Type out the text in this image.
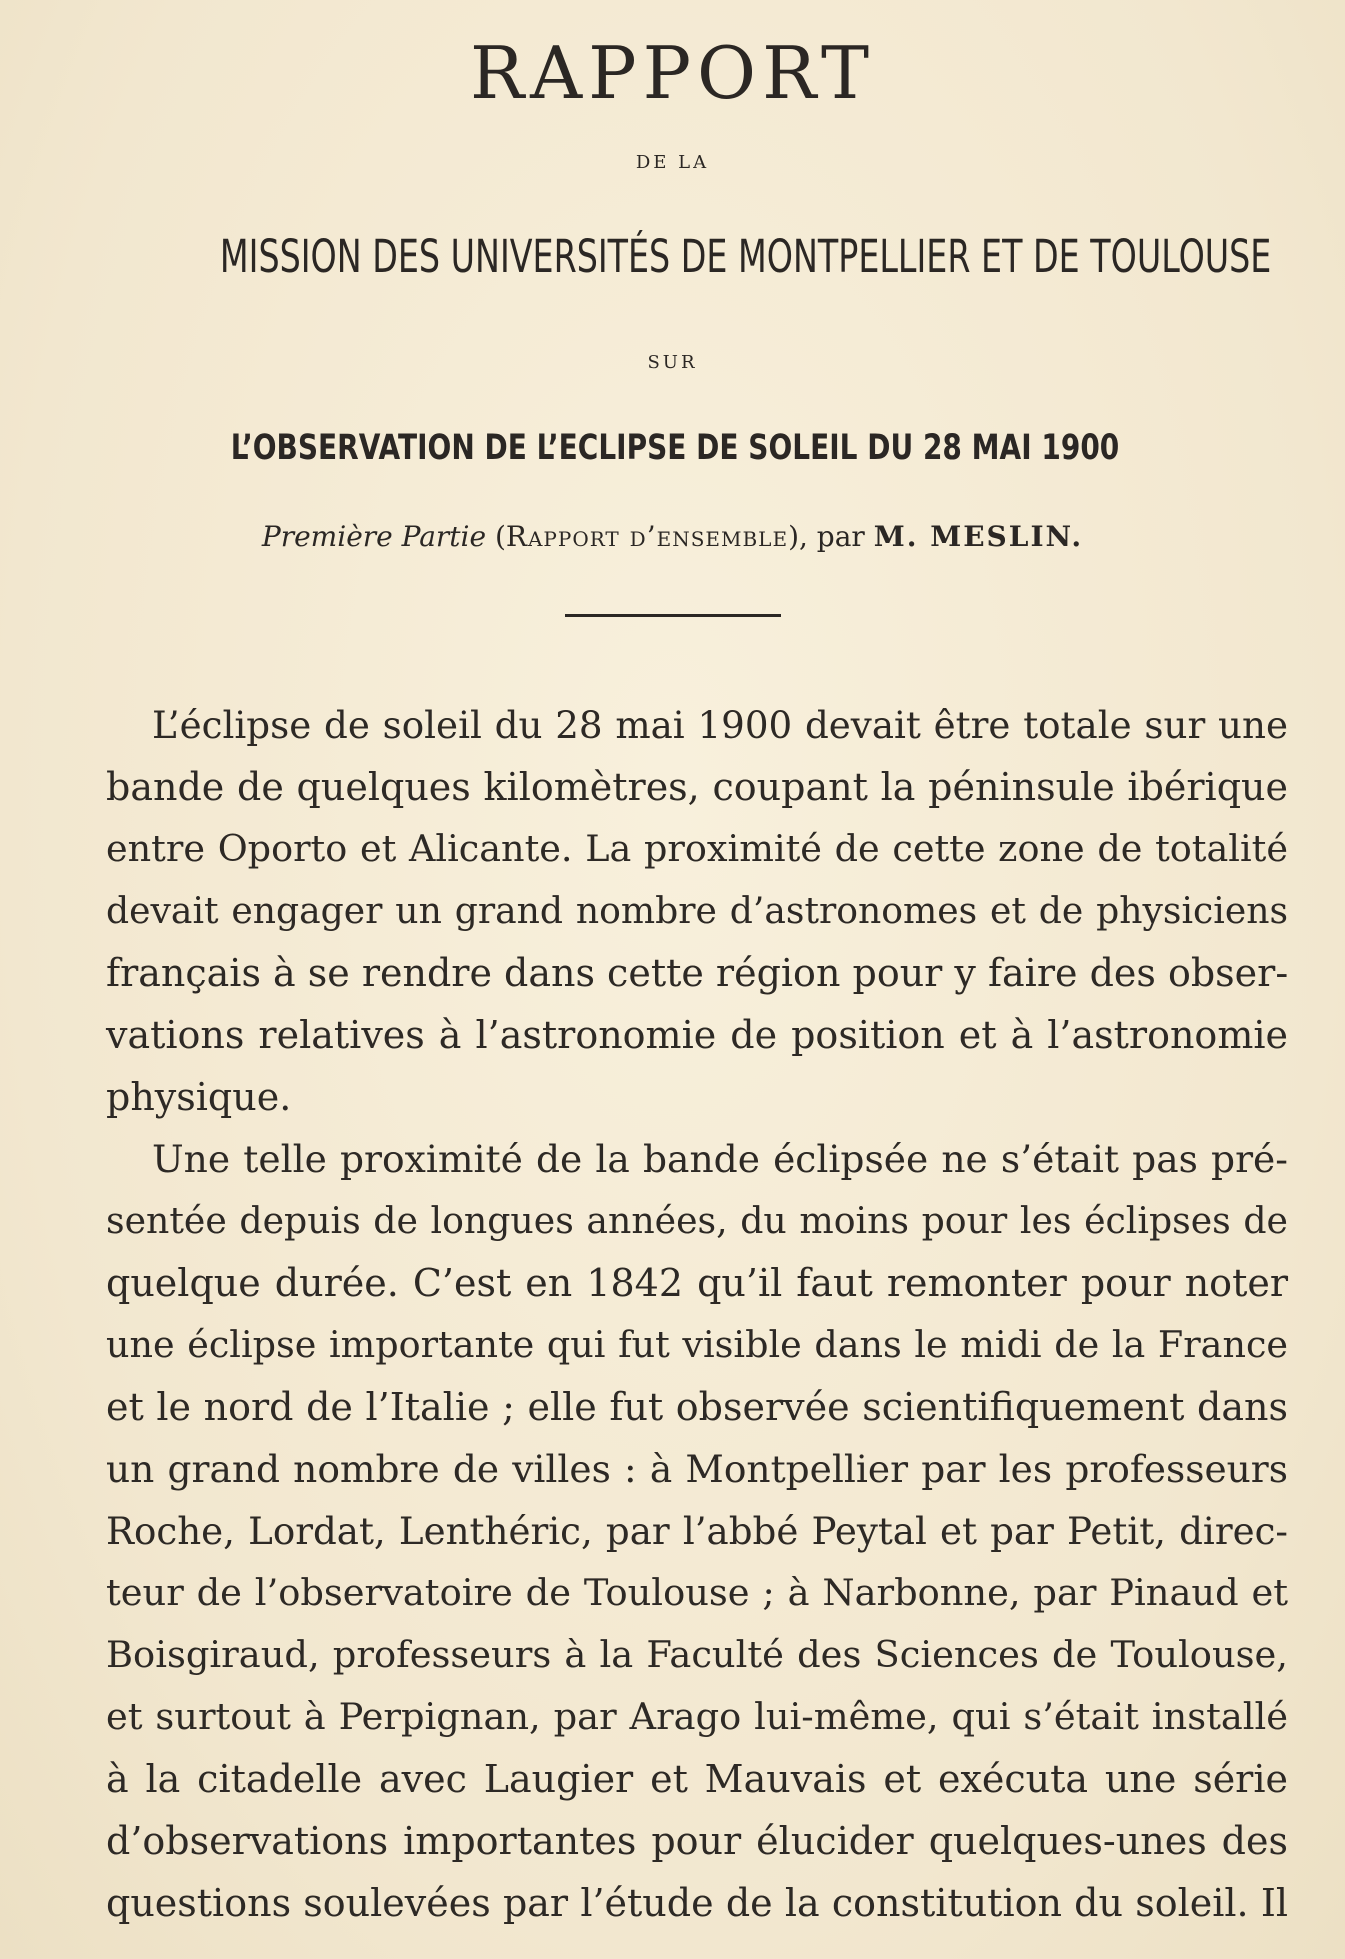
RAPPORT
DE LA
MISSION DES UNIVERSITÉS DE MONTPELLIER ET DE TOULOUSE
SUR
L’OBSERVATION DE L’ECLIPSE DE SOLEIL DU 28 MAI 1900
Première Partie (Rapport d’ensemble), par M. MESLIN.
L’éclipse de soleil du 28 mai 1900 devait être totale sur une
bande de quelques kilomètres, coupant la péninsule ibérique
entre Oporto et Alicante. La proximité de cette zone de totalité
devait engager un grand nombre d’astronomes et de physiciens
français à se rendre dans cette région pour y faire des obser-
vations relatives à l’astronomie de position et à l’astronomie
physique.
Une telle proximité de la bande éclipsée ne s’était pas pré-
sentée depuis de longues années, du moins pour les éclipses de
quelque durée. C’est en 1842 qu’il faut remonter pour noter
une éclipse importante qui fut visible dans le midi de la France
et le nord de l’Italie ; elle fut observée scientifiquement dans
un grand nombre de villes : à Montpellier par les professeurs
Roche, Lordat, Lenthéric, par l’abbé Peytal et par Petit, direc-
teur de l’observatoire de Toulouse ; à Narbonne, par Pinaud et
Boisgiraud, professeurs à la Faculté des Sciences de Toulouse,
et surtout à Perpignan, par Arago lui-même, qui s’était installé
à la citadelle avec Laugier et Mauvais et exécuta une série
d’observations importantes pour élucider quelques-unes des
questions soulevées par l’étude de la constitution du soleil. Il
